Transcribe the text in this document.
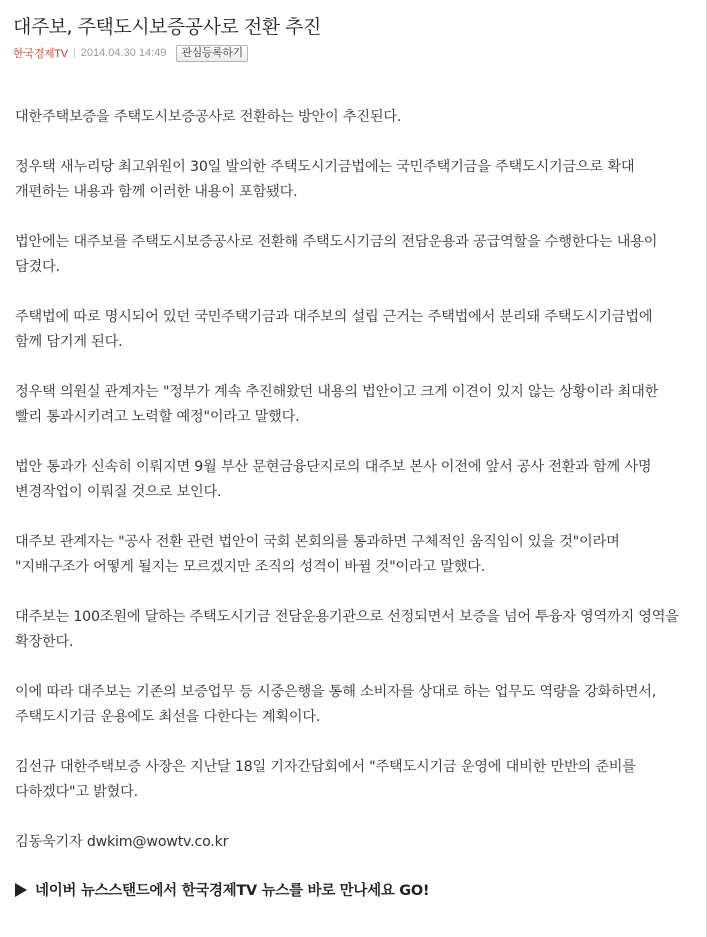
대주보, 주택도시보증공사로 전환 추진
한국경제TV 2014.04.30 14:49	관심등록하기

대한주택보증을 주택도시보증공사로 전환하는 방안이 추진된다.

정우택 새누리당 최고위원이 30일 발의한 주택도시기금법에는 국민주택기금을 주택도시기금으로 확대 개편하는 내용과 함께 이러한 내용이 포함됐다.

법안에는 대주보를 주택도시보증공사로 전환해 주택도시기금의 전담운용과 공급역할을 수행한다는 내용이 담겼다.

주택법에 따로 명시되어 있던 국민주택기금과 대주보의 설립 근거는 주택법에서 분리돼 주택도시기금법에 함께 담기게 된다.

정우택 의원실 관계자는 "정부가 계속 추진해왔던 내용의 법안이고 크게 이견이 있지 않는 상황이라 최대한 빨리 통과시키려고 노력할 예정"이라고 말했다.

법안 통과가 신속히 이뤄지면 9월 부산 문현금융단지로의 대주보 본사 이전에 앞서 공사 전환과 함께 사명 변경작업이 이뤄질 것으로 보인다.

대주보 관계자는 "공사 전환 관련 법안이 국회 본회의를 통과하면 구체적인 움직임이 있을 것"이라며 "지배구조가 어떻게 될지는 모르겠지만 조직의 성격이 바뀔 것"이라고 말했다.

대주보는 100조원에 달하는 주택도시기금 전담운용기관으로 선정되면서 보증을 넘어 투융자 영역까지 영역을 확장한다.

이에 따라 대주보는 기존의 보증업무 등 시중은행을 통해 소비자를 상대로 하는 업무도 역량을 강화하면서, 주택도시기금 운용에도 최선을 다한다는 계획이다.

김선규 대한주택보증 사장은 지난달 18일 기자간담회에서 "주택도시기금 운영에 대비한 만반의 준비를 다하겠다"고 밝혔다.

김동욱기자 dwkim@wowtv.co.kr

네이버 뉴스스탠드에서 한국경제TV 뉴스를 바로 만나세요 GO!
